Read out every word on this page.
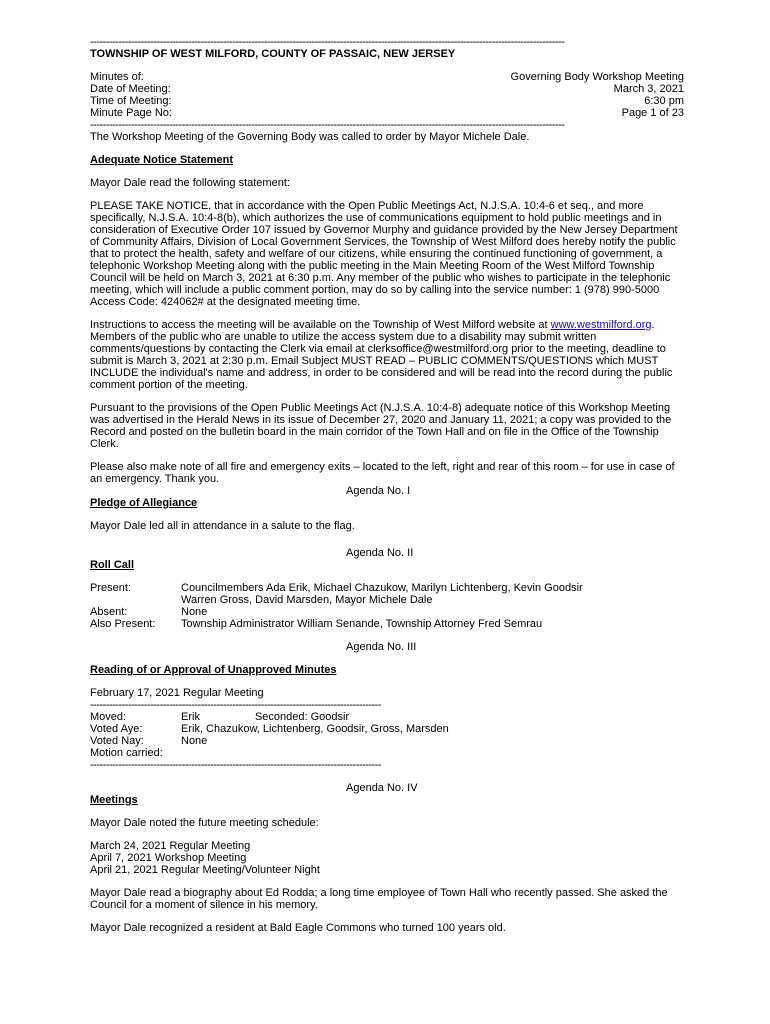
------------------------------------------------------------------------------------------------------------------------------------------------------
TOWNSHIP OF WEST MILFORD, COUNTY OF PASSAIC, NEW JERSEY
Minutes of:	Governing Body Workshop Meeting
Date of Meeting:	March 3, 2021
Time of Meeting:	6:30 pm
Minute Page No:	Page 1 of 23
------------------------------------------------------------------------------------------------------------------------------------------------------

The Workshop Meeting of the Governing Body was called to order by Mayor Michele Dale.

Adequate Notice Statement

Mayor Dale read the following statement:

PLEASE TAKE NOTICE, that in accordance with the Open Public Meetings Act, N.J.S.A. 10:4-6 et seq., and more specifically, N.J.S.A. 10:4-8(b), which authorizes the use of communications equipment to hold public meetings and in consideration of Executive Order 107 issued by Governor Murphy and guidance provided by the New Jersey Department of Community Affairs, Division of Local Government Services, the Township of West Milford does hereby notify the public that to protect the health, safety and welfare of our citizens, while ensuring the continued functioning of government, a telephonic Workshop Meeting along with the public meeting in the Main Meeting Room of the West Milford Township Council will be held on March 3, 2021 at 6:30 p.m. Any member of the public who wishes to participate in the telephonic meeting, which will include a public comment portion, may do so by calling into the service number: 1 (978) 990-5000 Access Code: 424062# at the designated meeting time.

Instructions to access the meeting will be available on the Township of West Milford website at www.westmilford.org. Members of the public who are unable to utilize the access system due to a disability may submit written comments/questions by contacting the Clerk via email at clerksoffice@westmilford.org prior to the meeting, deadline to submit is March 3, 2021 at 2:30 p.m. Email Subject MUST READ – PUBLIC COMMENTS/QUESTIONS which MUST INCLUDE the individual's name and address, in order to be considered and will be read into the record during the public comment portion of the meeting.

Pursuant to the provisions of the Open Public Meetings Act (N.J.S.A. 10:4-8) adequate notice of this Workshop Meeting was advertised in the Herald News in its issue of December 27, 2020 and January 11, 2021; a copy was provided to the Record and posted on the bulletin board in the main corridor of the Town Hall and on file in the Office of the Township Clerk.

Please also make note of all fire and emergency exits – located to the left, right and rear of this room – for use in case of an emergency. Thank you.

Agenda No. I
Pledge of Allegiance

Mayor Dale led all in attendance in a salute to the flag.

Agenda No. II
Roll Call
Present:	Councilmembers Ada Erik, Michael Chazukow, Marilyn Lichtenberg, Kevin Goodsir
Warren Gross, David Marsden, Mayor Michele Dale
Absent:	None
Also Present:	Township Administrator William Senande, Township Attorney Fred Semrau
Agenda No. III
Reading of or Approval of Unapproved Minutes

February 17, 2021 Regular Meeting

--------------------------------------------------------------------------------------------
Moved:	Erik	Seconded: Goodsir
Voted Aye:	Erik, Chazukow, Lichtenberg, Goodsir, Gross, Marsden
Voted Nay:	None
Motion carried:
--------------------------------------------------------------------------------------------
Agenda No. IV
Meetings

Mayor Dale noted the future meeting schedule:

March 24, 2021 Regular Meeting
April 7, 2021 Workshop Meeting
April 21, 2021 Regular Meeting/Volunteer Night

Mayor Dale read a biography about Ed Rodda; a long time employee of Town Hall who recently passed. She asked the Council for a moment of silence in his memory.

Mayor Dale recognized a resident at Bald Eagle Commons who turned 100 years old.
